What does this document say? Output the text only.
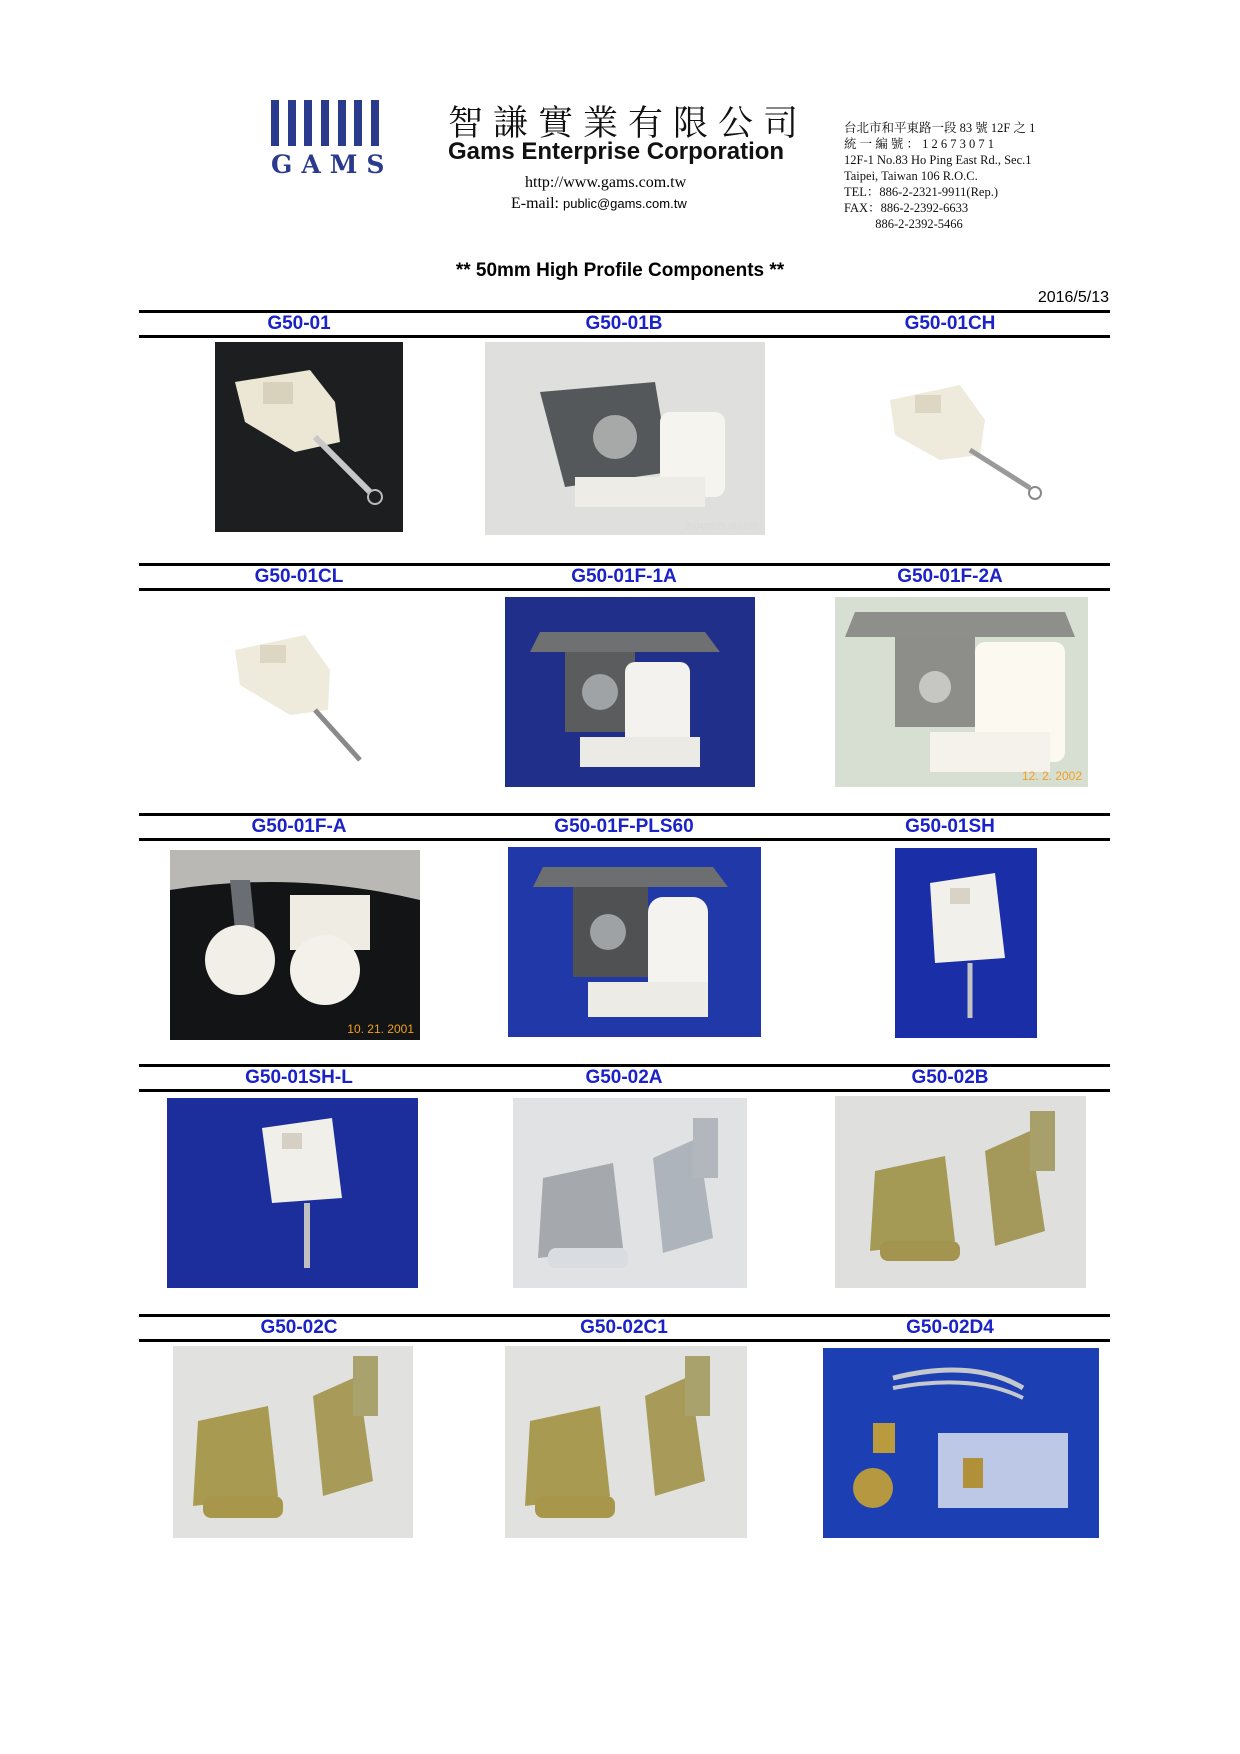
GAMS
智謙實業有限公司
Gams Enterprise Corporation
http://www.gams.com.tw
E-mail: public@gams.com.tw
台北市和平東路一段 83 號 12F 之 1
統 一 編 號 ： 1 2 6 7 3 0 7 1
12F-1 No.83 Ho Ping East Rd., Sec.1
Taipei, Taiwan 106 R.O.C.
TEL：886-2-2321-9911(Rep.)
FAX：886-2-2392-6633
886-2-2392-5466
** 50mm High Profile Components **
2016/5/13
G50-01	G50-01B	G50-01CH
2004/03/23 16:02:05
G50-01CL	G50-01F-1A	G50-01F-2A
12. 2. 2002
G50-01F-A	G50-01F-PLS60	G50-01SH
10. 21. 2001
G50-01SH-L	G50-02A	G50-02B
G50-02C	G50-02C1	G50-02D4
